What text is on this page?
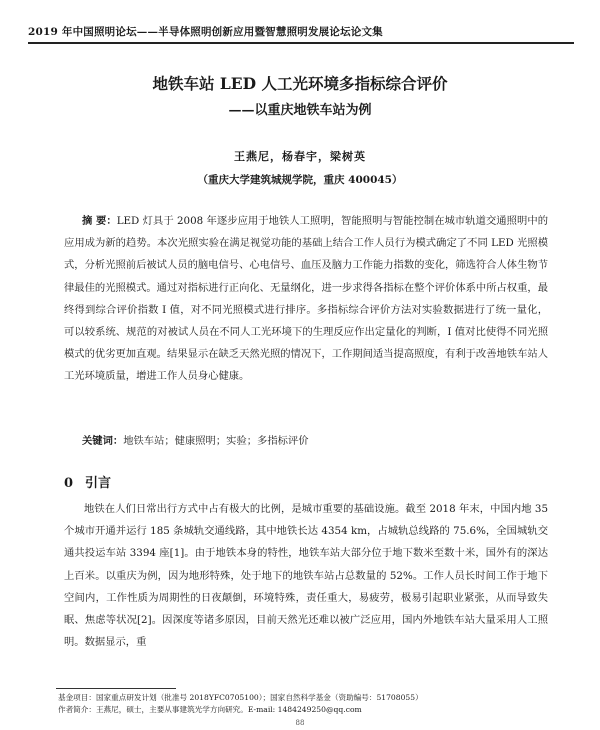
2019 年中国照明论坛——半导体照明创新应用暨智慧照明发展论坛论文集
地铁车站 LED 人工光环境多指标综合评价
——以重庆地铁车站为例
王燕尼，杨春宇，梁树英
（重庆大学建筑城规学院，重庆 400045）
摘 要：LED 灯具于 2008 年逐步应用于地铁人工照明，智能照明与智能控制在城市轨道交通照明中的应用成为新的趋势。本次光照实验在满足视觉功能的基础上结合工作人员行为模式确定了不同 LED 光照模式，分析光照前后被试人员的脑电信号、心电信号、血压及脑力工作能力指数的变化，筛选符合人体生物节律最佳的光照模式。通过对指标进行正向化、无量纲化，进一步求得各指标在整个评价体系中所占权重，最终得到综合评价指数 I 值，对不同光照模式进行排序。多指标综合评价方法对实验数据进行了统一量化，可以较系统、规范的对被试人员在不同人工光环境下的生理反应作出定量化的判断，I 值对比使得不同光照模式的优劣更加直观。结果显示在缺乏天然光照的情况下，工作期间适当提高照度，有利于改善地铁车站人工光环境质量，增进工作人员身心健康。
关键词：地铁车站；健康照明；实验；多指标评价
0 引言
地铁在人们日常出行方式中占有极大的比例，是城市重要的基础设施。截至 2018 年末，中国内地 35 个城市开通并运行 185 条城轨交通线路，其中地铁长达 4354 km，占城轨总线路的 75.6%，全国城轨交通共投运车站 3394 座[1]。由于地铁本身的特性，地铁车站大部分位于地下数米至数十米，国外有的深达上百米。以重庆为例，因为地形特殊，处于地下的地铁车站占总数量的 52%。工作人员长时间工作于地下空间内，工作性质为周期性的日夜颠倒，环境特殊，责任重大，易疲劳，极易引起职业紧张，从而导致失眠、焦虑等状况[2]。因深度等诸多原因，目前天然光还难以被广泛应用，国内外地铁车站大量采用人工照明。数据显示，重
基金项目：国家重点研发计划（批准号 2018YFC0705100）；国家自然科学基金（资助编号：51708055）
作者简介：王燕尼，硕士，主要从事建筑光学方向研究。E-mail: 1484249250@qq.com
88
